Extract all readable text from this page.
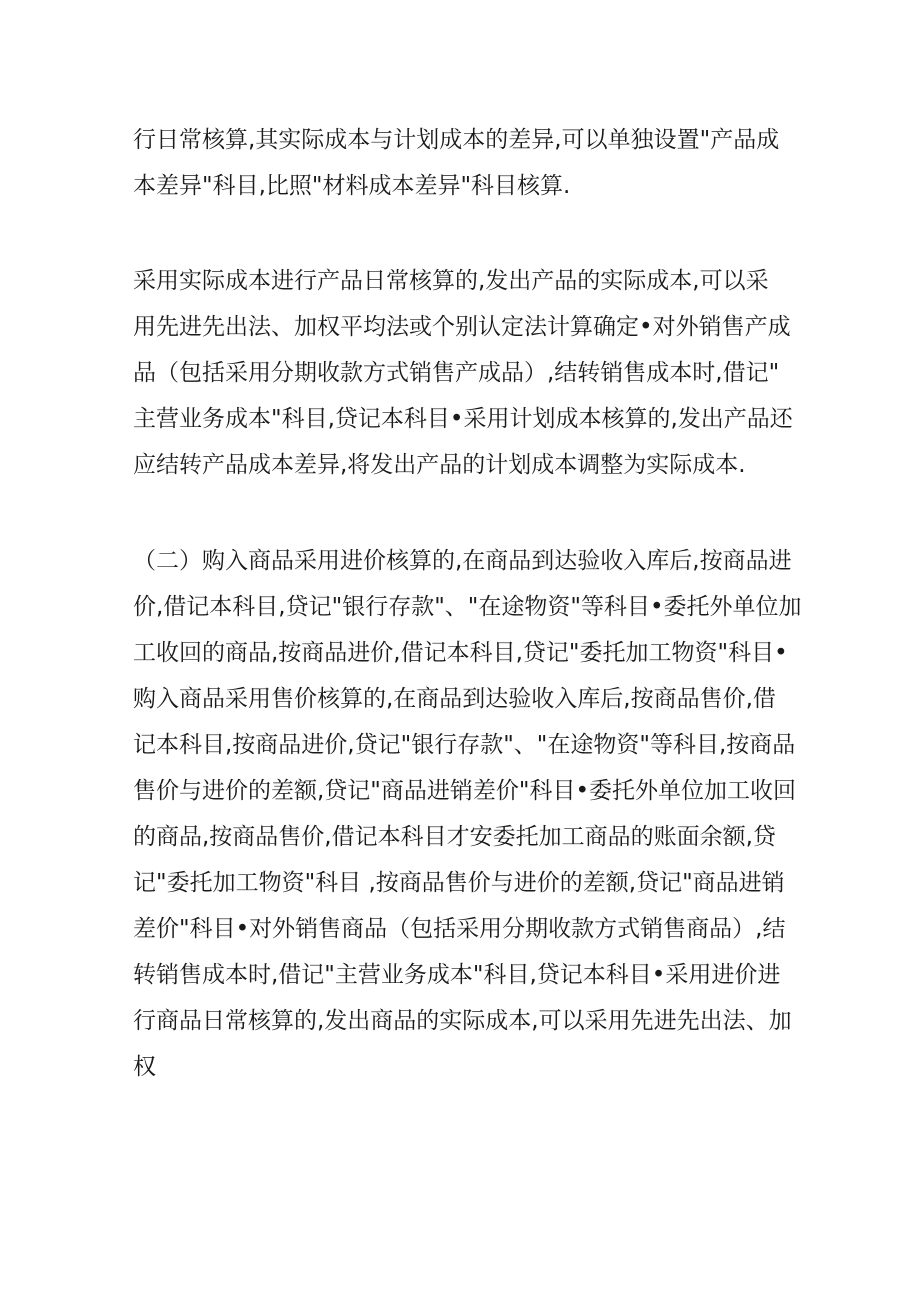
行日常核算,其实际成本与计划成本的差异,可以单独设置"产品成
本差异"科目,比照"材料成本差异"科目核算.
采用实际成本进行产品日常核算的,发出产品的实际成本,可以采
用先进先出法、加权平均法或个别认定法计算确定•对外销售产成
品（包括采用分期收款方式销售产成品）,结转销售成本时,借记"
主营业务成本"科目,贷记本科目•采用计划成本核算的,发出产品还
应结转产品成本差异,将发出产品的计划成本调整为实际成本.
（二）购入商品采用进价核算的,在商品到达验收入库后,按商品进
价,借记本科目,贷记"银行存款"、"在途物资"等科目•委托外单位加
工收回的商品,按商品进价,借记本科目,贷记"委托加工物资"科目•
购入商品采用售价核算的,在商品到达验收入库后,按商品售价,借
记本科目,按商品进价,贷记"银行存款"、"在途物资"等科目,按商品
售价与进价的差额,贷记"商品进销差价"科目•委托外单位加工收回
的商品,按商品售价,借记本科目才安委托加工商品的账面余额,贷
记"委托加工物资"科目 ,按商品售价与进价的差额,贷记"商品进销
差价"科目•对外销售商品（包括采用分期收款方式销售商品）,结
转销售成本时,借记"主营业务成本"科目,贷记本科目•采用进价进
行商品日常核算的,发出商品的实际成本,可以采用先进先出法、加
权
